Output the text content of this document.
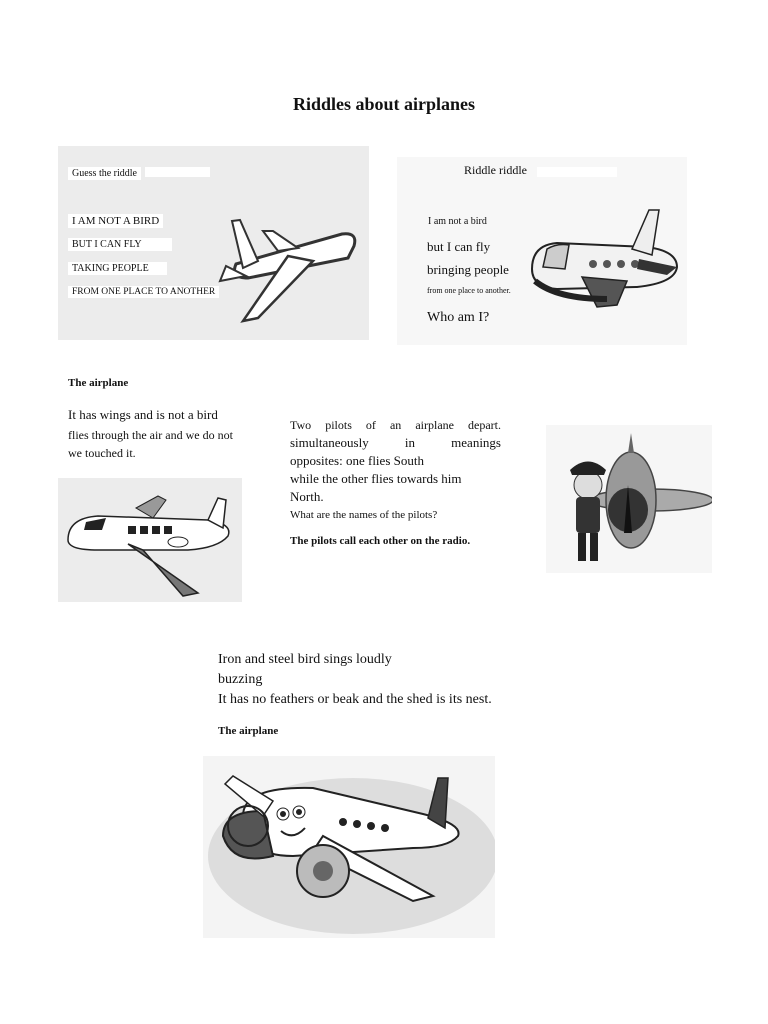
Riddles about airplanes
Guess the riddle
I AM NOT A BIRD
BUT I CAN FLY
TAKING PEOPLE
FROM ONE PLACE TO ANOTHER
Riddle riddle
I am not a bird
but I can fly
bringing people
from one place to another.
Who am I?
The airplane
It has wings and is not a bird
flies through the air and we do not
we touched it.
Two pilots of an airplane depart.
simultaneously in meanings
opposites: one flies South
while the other flies towards him
North.
What are the names of the pilots?
The pilots call each other on the radio.
Iron and steel bird sings loudly
buzzing
It has no feathers or beak and the shed is its nest.
The airplane
